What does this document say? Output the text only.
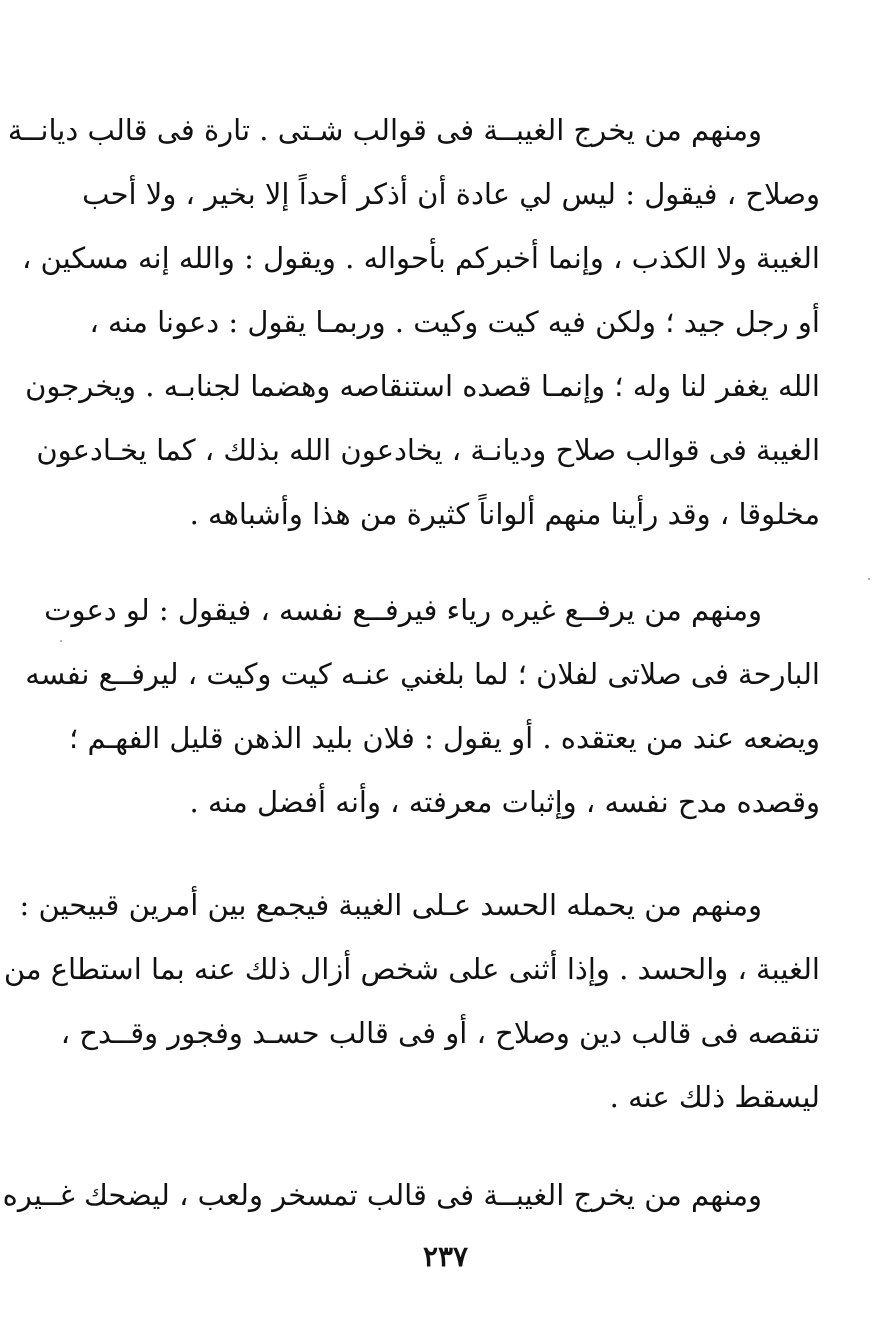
ومنهم من يخرج الغيبــة فى قوالب شـتى . تارة فى قالب ديانــة
وصلاح ، فيقول : ليس لي عادة أن أذكر أحداً إلا بخير ، ولا أحب
الغيبة ولا الكذب ، وإنما أخبركم بأحواله . ويقول : والله إنه مسكين ،
أو رجل جيد ؛ ولكن فيه كيت وكيت . وربمـا يقول : دعونا منه ،
الله يغفر لنا وله ؛ وإنمـا قصده استنقاصه وهضما لجنابـه . ويخرجون
الغيبة فى قوالب صلاح وديانـة ، يخادعون الله بذلك ، كما يخـادعون
مخلوقا ، وقد رأينا منهم ألواناً كثيرة من هذا وأشباهه .
ومنهم من يرفــع غيره رياء فيرفــع نفسه ، فيقول : لو دعوت
البارحة فى صلاتى لفلان ؛ لما بلغني عنـه كيت وكيت ، ليرفــع نفسه
ويضعه عند من يعتقده . أو يقول : فلان بليد الذهن قليل الفهـم ؛
وقصده مدح نفسه ، وإثبات معرفته ، وأنه أفضل منه .
ومنهم من يحمله الحسد عـلى الغيبة فيجمع بين أمرين قبيحين :
الغيبة ، والحسد . وإذا أثنى على شخص أزال ذلك عنه بما استطاع من
تنقصه فى قالب دين وصلاح ، أو فى قالب حسـد وفجور وقــدح ،
ليسقط ذلك عنه .
ومنهم من يخرج الغيبــة فى قالب تمسخر ولعب ، ليضحك غــيره
٢٣٧
